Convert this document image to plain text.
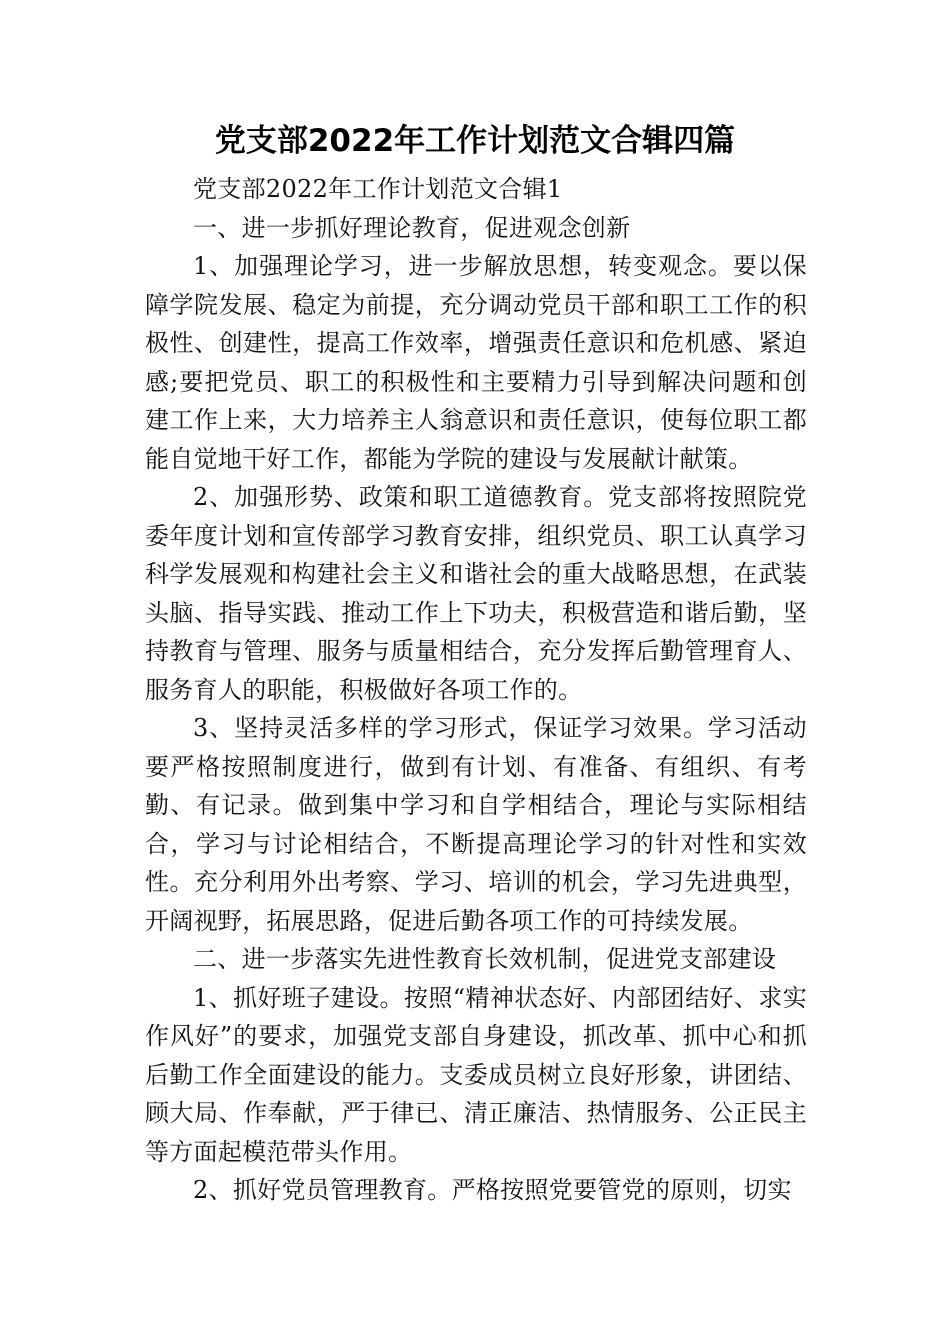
党支部2022年工作计划范文合辑四篇

党支部2022年工作计划范文合辑1

一、进一步抓好理论教育，促进观念创新

1、加强理论学习，进一步解放思想，转变观念。要以保障学院发展、稳定为前提，充分调动党员干部和职工工作的积极性、创建性，提高工作效率，增强责任意识和危机感、紧迫感;要把党员、职工的积极性和主要精力引导到解决问题和创建工作上来，大力培养主人翁意识和责任意识，使每位职工都能自觉地干好工作，都能为学院的建设与发展献计献策。

2、加强形势、政策和职工道德教育。党支部将按照院党委年度计划和宣传部学习教育安排，组织党员、职工认真学习科学发展观和构建社会主义和谐社会的重大战略思想，在武装头脑、指导实践、推动工作上下功夫，积极营造和谐后勤，坚持教育与管理、服务与质量相结合，充分发挥后勤管理育人、服务育人的职能，积极做好各项工作的。

3、坚持灵活多样的学习形式，保证学习效果。学习活动要严格按照制度进行，做到有计划、有准备、有组织、有考勤、有记录。做到集中学习和自学相结合，理论与实际相结合，学习与讨论相结合，不断提高理论学习的针对性和实效性。充分利用外出考察、学习、培训的机会，学习先进典型，开阔视野，拓展思路，促进后勤各项工作的可持续发展。

二、进一步落实先进性教育长效机制，促进党支部建设

1、抓好班子建设。按照“精神状态好、内部团结好、求实作风好”的要求，加强党支部自身建设，抓改革、抓中心和抓后勤工作全面建设的能力。支委成员树立良好形象，讲团结、顾大局、作奉献，严于律已、清正廉洁、热情服务、公正民主等方面起模范带头作用。

2、抓好党员管理教育。严格按照党要管党的原则，切实
